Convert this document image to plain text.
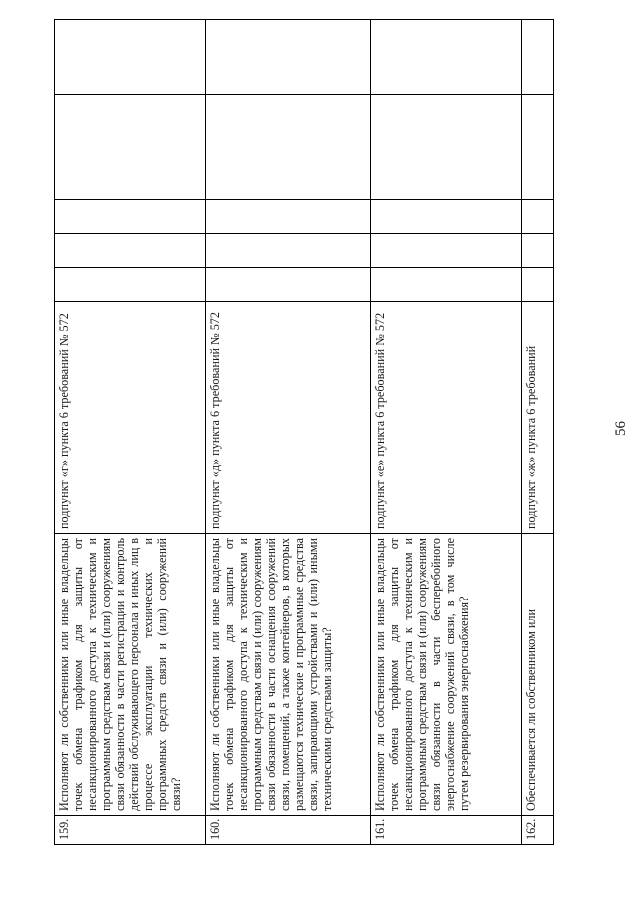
56
159.	Исполняют ли собственники или иные владельцы точек обмена трафиком для защиты от несанкционированного доступа к техническим и программным средствам связи и (или) сооружениям связи обязанности в части регистрации и контроль действий обслуживающего персонала и иных лиц в процессе эксплуатации технических и программных средств связи и (или) сооружений связи?	подпункт «г» пункта 6 требований № 572					
160.	Исполняют ли собственники или иные владельцы точек обмена трафиком для защиты от несанкционированного доступа к техническим и программным средствам связи и (или) сооружениям связи обязанности в части оснащения сооружений связи, помещений, а также контейнеров, в которых размещаются технические и программные средства связи, запирающими устройствами и (или) иными техническими средствами защиты?	подпункт «д» пункта 6 требований № 572					
161.	Исполняют ли собственники или иные владельцы точек обмена трафиком для защиты от несанкционированного доступа к техническим и программным средствам связи и (или) сооружениям связи обязанности в части бесперебойного энергоснабжение сооружений связи, в том числе путем резервирования энергоснабжения?	подпункт «е» пункта 6 требований № 572					
162.	Обеспечивается ли собственником или	подпункт «ж» пункта 6 требований					
